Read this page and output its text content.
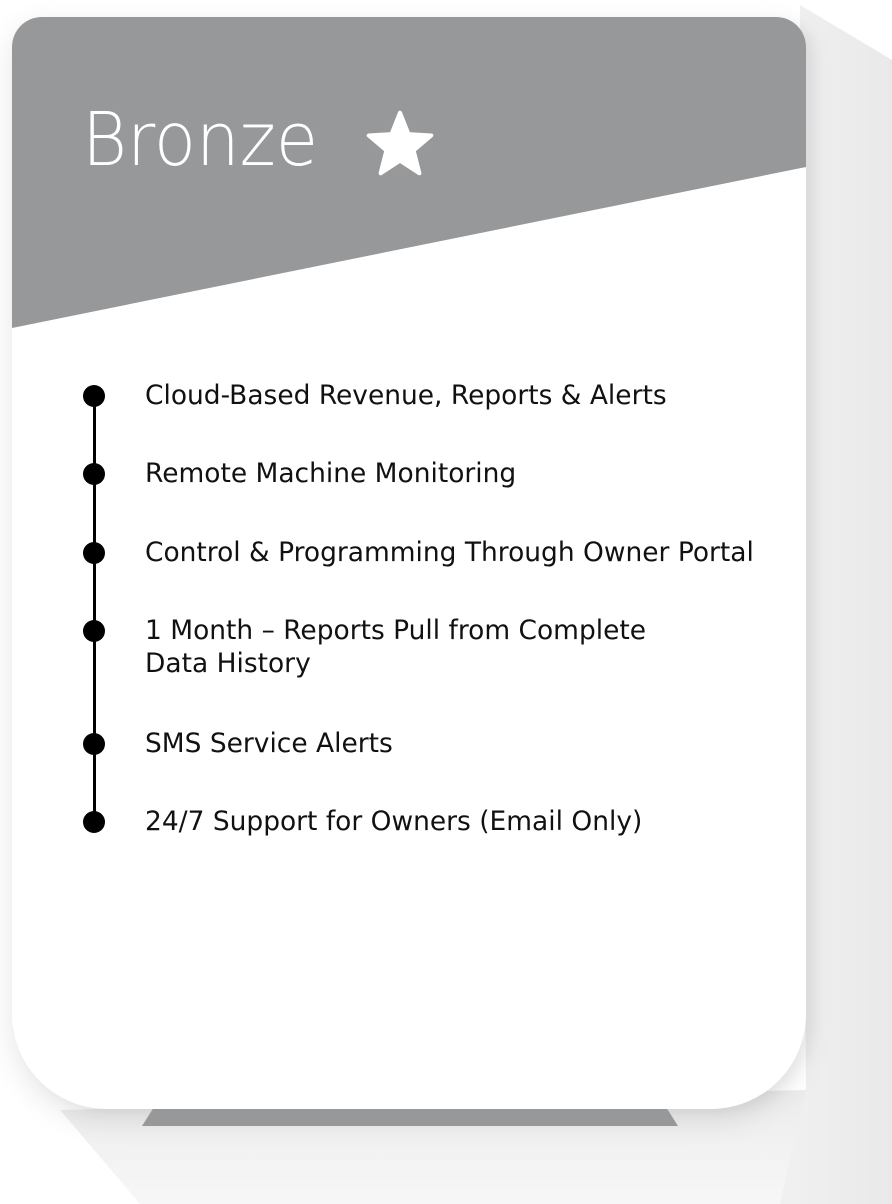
Bronze
Cloud-Based Revenue, Reports & Alerts
Remote Machine Monitoring
Control & Programming Through Owner Portal
1 Month – Reports Pull from Complete
Data History
SMS Service Alerts
24/7 Support for Owners (Email Only)
